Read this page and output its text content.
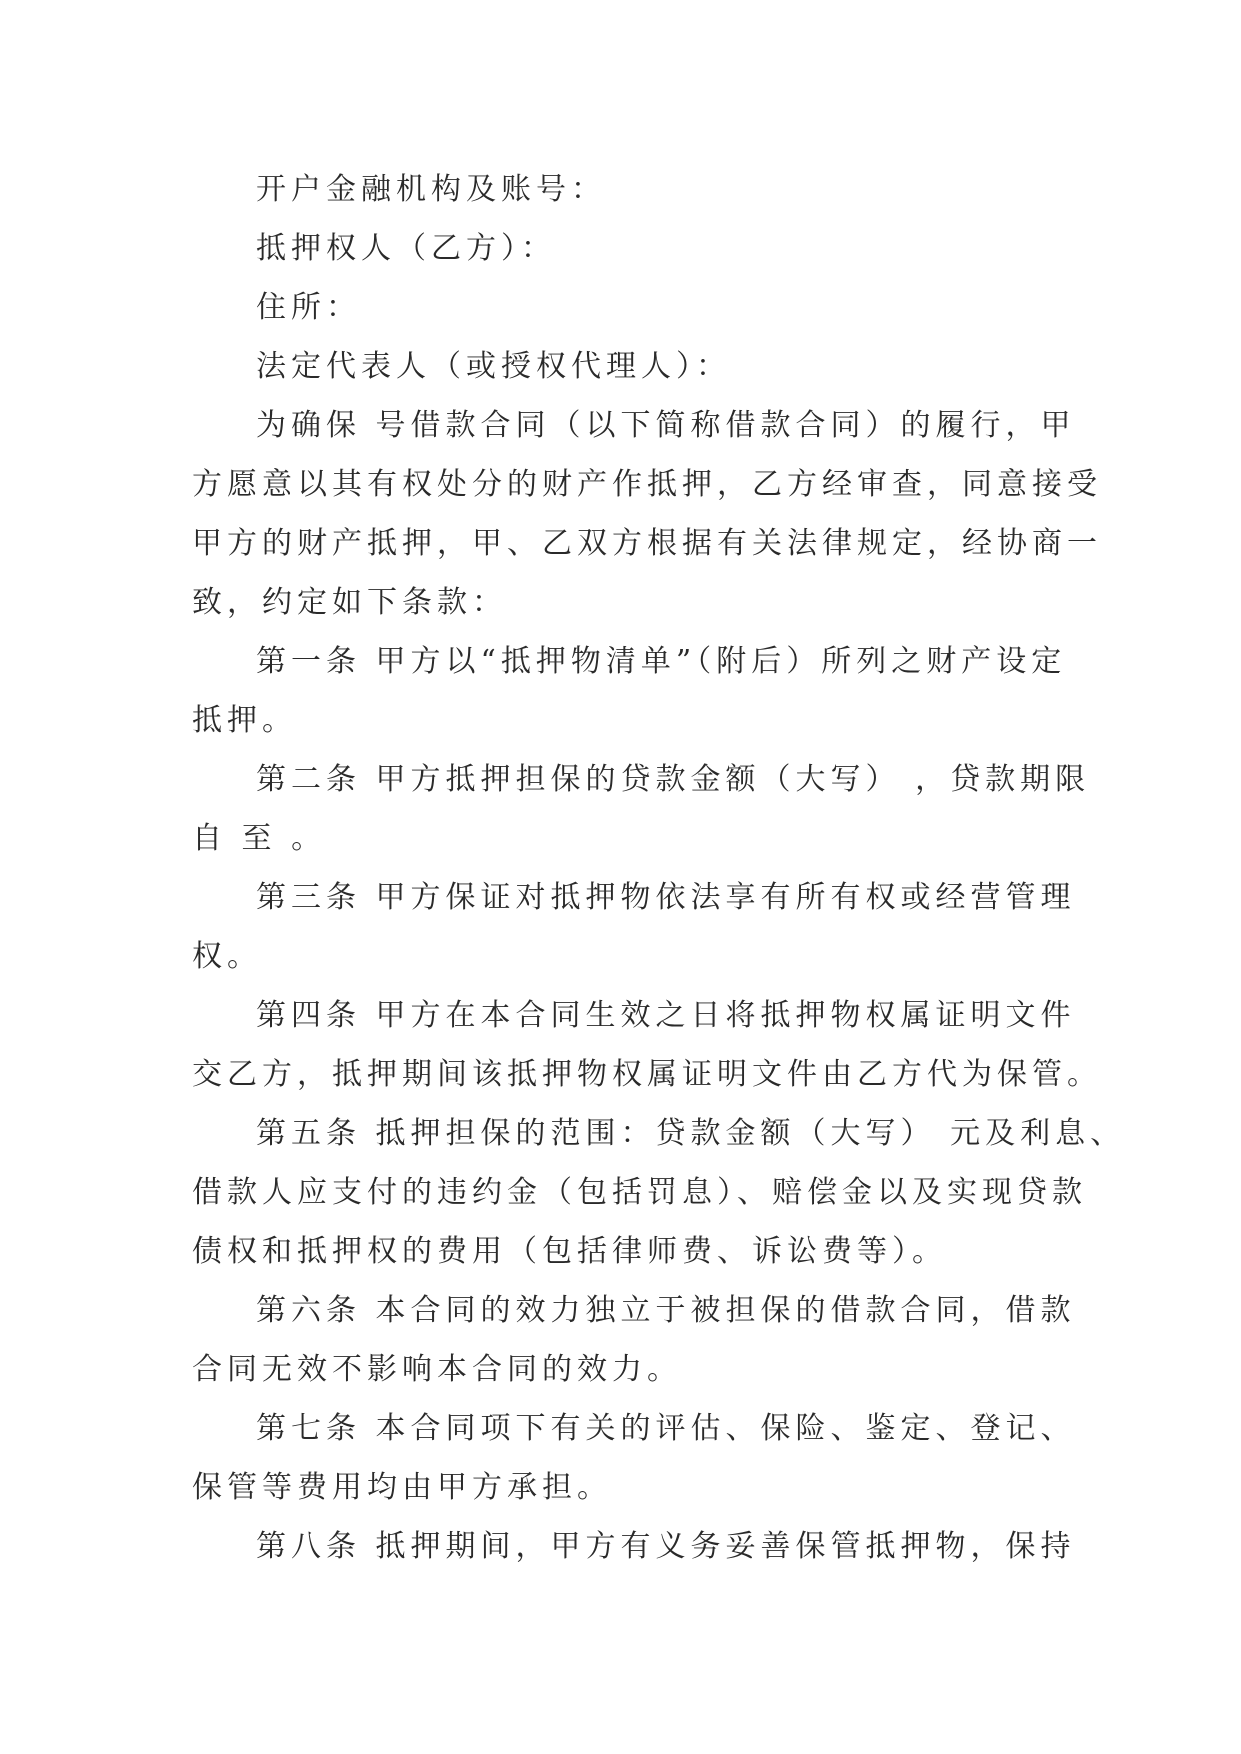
开户金融机构及账号：

抵押权人（乙方）：

住所：

法定代表人（或授权代理人）：

为确保 号借款合同（以下简称借款合同）的履行，甲

方愿意以其有权处分的财产作抵押，乙方经审查，同意接受

甲方的财产抵押，甲、乙双方根据有关法律规定，经协商一

致，约定如下条款：

第一条 甲方以“抵押物清单”（附后）所列之财产设定

抵押。

第二条 甲方抵押担保的贷款金额（大写） ，贷款期限

自 至 。

第三条 甲方保证对抵押物依法享有所有权或经营管理

权。

第四条 甲方在本合同生效之日将抵押物权属证明文件

交乙方，抵押期间该抵押物权属证明文件由乙方代为保管。

第五条 抵押担保的范围：贷款金额（大写） 元及利息、

借款人应支付的违约金（包括罚息）、赔偿金以及实现贷款

债权和抵押权的费用（包括律师费、诉讼费等）。

第六条 本合同的效力独立于被担保的借款合同，借款

合同无效不影响本合同的效力。

第七条 本合同项下有关的评估、保险、鉴定、登记、

保管等费用均由甲方承担。

第八条 抵押期间，甲方有义务妥善保管抵押物，保持
